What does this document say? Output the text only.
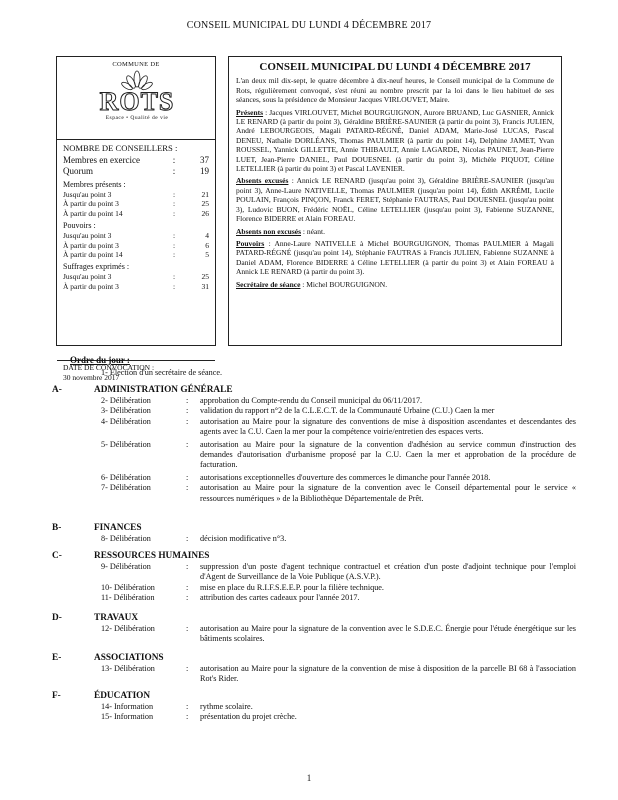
CONSEIL MUNICIPAL DU LUNDI 4 DÉCEMBRE 2017
COMMUNE DE
ROTS
Espace • Qualité de vie
NOMBRE DE CONSEILLERS :
Membres en exercice	:	37
Quorum	:	19
Membres présents :
Jusqu'au point 3	:	21
À partir du point 3	:	25
À partir du point 14	:	26
Pouvoirs :
Jusqu'au point 3	:	4
À partir du point 3	:	6
À partir du point 14	:	5
Suffrages exprimés :
Jusqu'au point 3	:	25
À partir du point 3	:	31
DATE DE CONVOCATION :
30 novembre 2017
CONSEIL MUNICIPAL DU LUNDI 4 DÉCEMBRE 2017

L'an deux mil dix-sept, le quatre décembre à dix-neuf heures, le Conseil municipal de la Commune de Rots, régulièrement convoqué, s'est réuni au nombre prescrit par la loi dans le lieu habituel de ses séances, sous la présidence de Monsieur Jacques VIRLOUVET, Maire.

Présents : Jacques VIRLOUVET, Michel BOURGUIGNON, Aurore BRUAND, Luc GASNIER, Annick LE RENARD (à partir du point 3), Géraldine BRIÈRE-SAUNIER (à partir du point 3), Francis JULIEN, André LEBOURGEOIS, Magali PATARD-RÉGNÉ, Daniel ADAM, Marie-José LUCAS, Pascal DENEU, Nathalie DORLÉANS, Thomas PAULMIER (à partir du point 14), Delphine JAMET, Yvan ROUSSEL, Yannick GILLETTE, Annie THIBAULT, Annie LAGARDE, Nicolas PAUNET, Jean-Pierre LUET, Jean-Pierre DANIEL, Paul DOUESNEL (à partir du point 3), Michèle PIQUOT, Céline LETELLIER (à partir du point 3) et Pascal LAVENIER.

Absents excusés : Annick LE RENARD (jusqu'au point 3), Géraldine BRIÈRE-SAUNIER (jusqu'au point 3), Anne-Laure NATIVELLE, Thomas PAULMIER (jusqu'au point 14), Édith AKRÉMI, Lucile POULAIN, François PINÇON, Franck FERET, Stéphanie FAUTRAS, Paul DOUESNEL (jusqu'au point 3), Ludovic BUON, Frédéric NOËL, Céline LETELLIER (jusqu'au point 3), Fabienne SUZANNE, Florence BIDERRE et Alain FOREAU.

Absents non excusés : néant.

Pouvoirs : Anne-Laure NATIVELLE à Michel BOURGUIGNON, Thomas PAULMIER à Magali PATARD-RÉGNÉ (jusqu'au point 14), Stéphanie FAUTRAS à Francis JULIEN, Fabienne SUZANNE à Daniel ADAM, Florence BIDERRE à Céline LETELLIER (à partir du point 3) et Alain FOREAU à Annick LE RENARD (à partir du point 3).

Secrétaire de séance : Michel BOURGUIGNON.

Ordre du jour :
1- Élection d'un secrétaire de séance.
A-	ADMINISTRATION GÉNÉRALE
2- Délibération	:	approbation du Compte-rendu du Conseil municipal du 06/11/2017.
3- Délibération	:	validation du rapport n°2 de la C.L.E.C.T. de la Communauté Urbaine (C.U.) Caen la mer
4- Délibération	:	autorisation au Maire pour la signature des conventions de mise à disposition ascendantes et descendantes des agents avec la C.U. Caen la mer pour la compétence voirie/entretien des espaces verts.
5- Délibération	:	autorisation au Maire pour la signature de la convention d'adhésion au service commun d'instruction des demandes d'autorisation d'urbanisme proposé par la C.U. Caen la mer et approbation de la procédure de facturation.
6- Délibération	:	autorisations exceptionnelles d'ouverture des commerces le dimanche pour l'année 2018.
7- Délibération	:	autorisation au Maire pour la signature de la convention avec le Conseil départemental pour le service « ressources numériques » de la Bibliothèque Départementale de Prêt.
B-	FINANCES
8- Délibération	:	décision modificative n°3.
C-	RESSOURCES HUMAINES
9- Délibération	:	suppression d'un poste d'agent technique contractuel et création d'un poste d'adjoint technique pour l'emploi d'Agent de Surveillance de la Voie Publique (A.S.V.P.).
10- Délibération	:	mise en place du R.I.F.S.E.E.P. pour la filière technique.
11- Délibération	:	attribution des cartes cadeaux pour l'année 2017.
D-	TRAVAUX
12- Délibération	:	autorisation au Maire pour la signature de la convention avec le S.D.E.C. Énergie pour l'étude énergétique sur les bâtiments scolaires.
E-	ASSOCIATIONS
13- Délibération	:	autorisation au Maire pour la signature de la convention de mise à disposition de la parcelle BI 68 à l'association Rot's Rider.
F-	ÉDUCATION
14- Information	:	rythme scolaire.
15- Information	:	présentation du projet crèche.
1
